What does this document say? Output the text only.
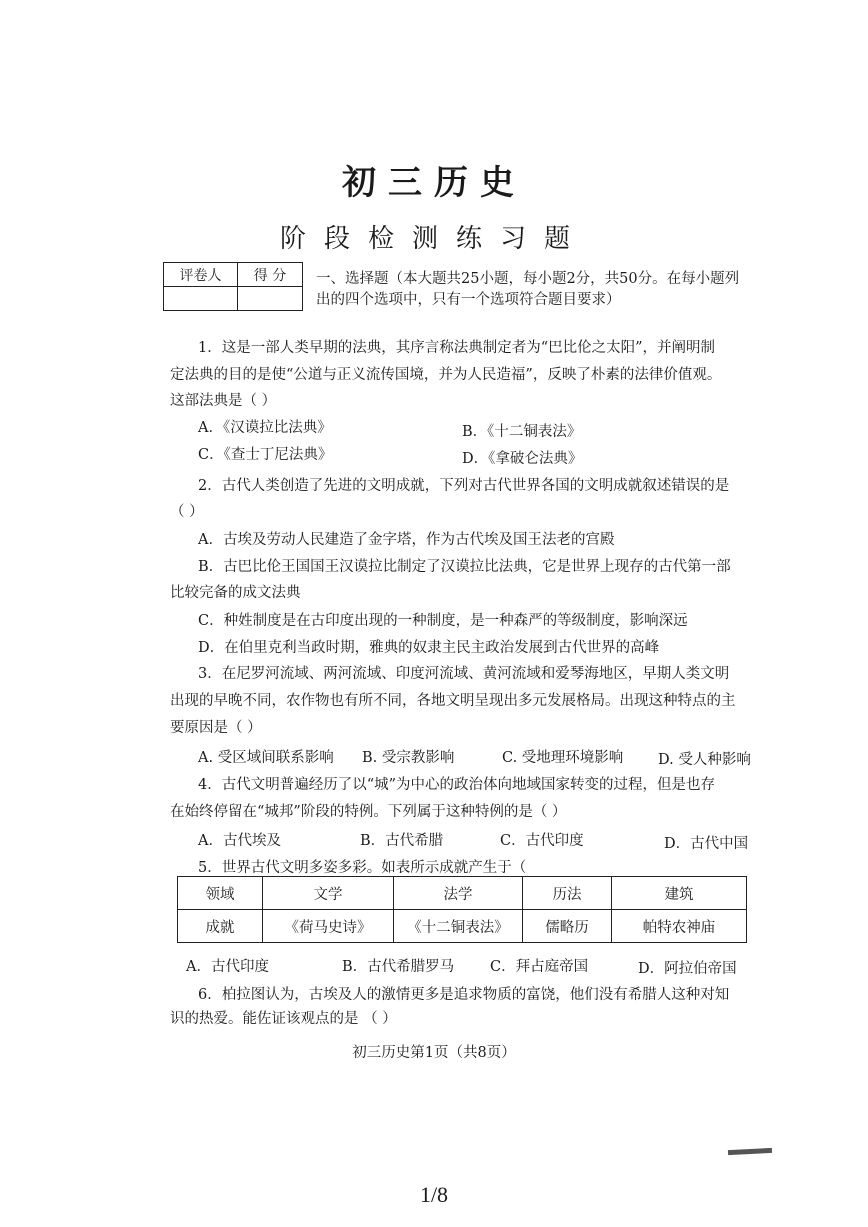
初三历史
阶段检测练习题
评卷人	得 分
	一、选择题（本大题共25小题，每小题2分，共50分。在每小题列
出的四个选项中，只有一个选项符合题目要求）
1．这是一部人类早期的法典，其序言称法典制定者为“巴比伦之太阳”，并阐明制
定法典的目的是使“公道与正义流传国境，并为人民造福”，反映了朴素的法律价值观。
这部法典是（ ）
A．《汉谟拉比法典》	B．《十二铜表法》
C．《查士丁尼法典》	D．《拿破仑法典》
2．古代人类创造了先进的文明成就，下列对古代世界各国的文明成就叙述错误的是
（ ）
A．古埃及劳动人民建造了金字塔，作为古代埃及国王法老的宫殿
B．古巴比伦王国国王汉谟拉比制定了汉谟拉比法典，它是世界上现存的古代第一部
比较完备的成文法典
C．种姓制度是在古印度出现的一种制度，是一种森严的等级制度，影响深远
D．在伯里克利当政时期，雅典的奴隶主民主政治发展到古代世界的高峰
3．在尼罗河流域、两河流域、印度河流域、黄河流域和爱琴海地区，早期人类文明
出现的早晚不同，农作物也有所不同，各地文明呈现出多元发展格局。出现这种特点的主
要原因是（ ）
A. 受区域间联系影响 B. 受宗教影响	C. 受地理环境影响 D. 受人种影响
4．古代文明普遍经历了以“城”为中心的政治体向地域国家转变的过程，但是也存
在始终停留在“城邦”阶段的特例。下列属于这种特例的是（ ）
A．古代埃及	B．古代希腊	C．古代印度	D．古代中国
5．世界古代文明多姿多彩。如表所示成就产生于（
领域	文学	法学	历法	建筑
成就	《荷马史诗》	《十二铜表法》	儒略历	帕特农神庙
A．古代印度	B．古代希腊罗马 C．拜占庭帝国	D．阿拉伯帝国
6．柏拉图认为，古埃及人的激情更多是追求物质的富饶，他们没有希腊人这种对知
识的热爱。能佐证该观点的是 （ ）
初三历史第1页（共8页）
1/8
